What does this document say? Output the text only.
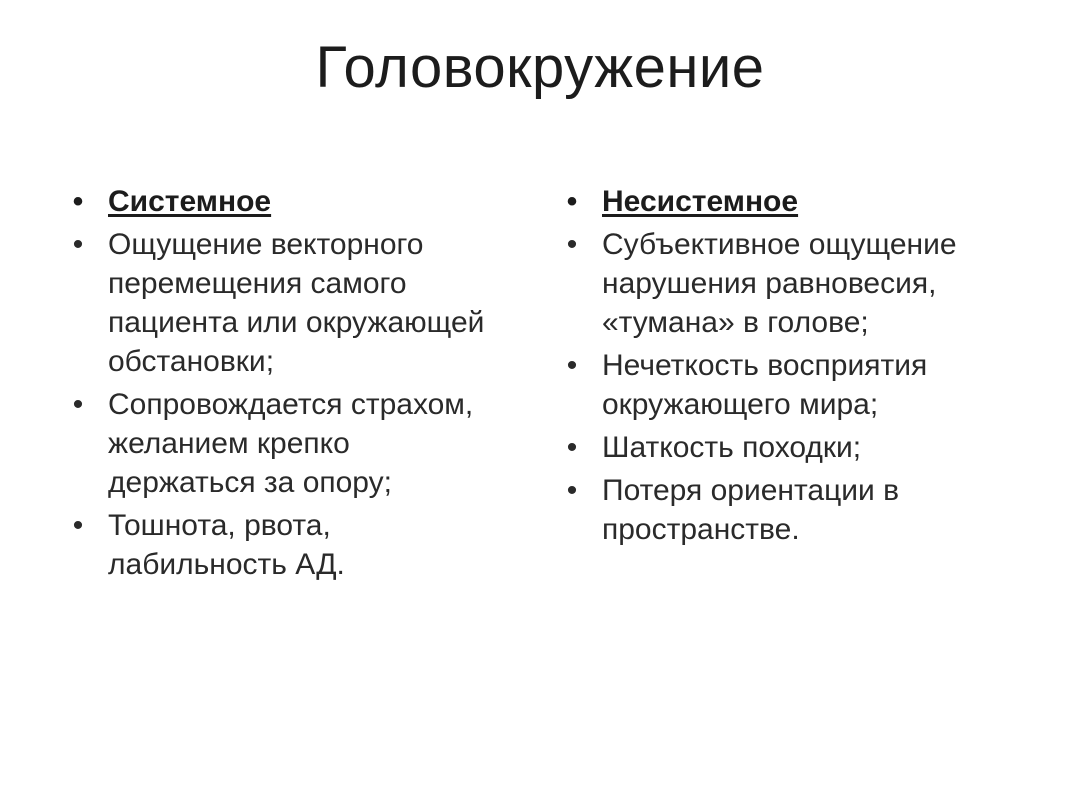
Головокружение
• Системное
• Ощущение векторного перемещения самого пациента или окружающей обстановки;
• Сопровождается страхом, желанием крепко держаться за опору;
• Тошнота, рвота, лабильность АД.
• Несистемное
• Субъективное ощущение нарушения равновесия, «тумана» в голове;
• Нечеткость восприятия окружающего мира;
• Шаткость походки;
• Потеря ориентации в пространстве.
